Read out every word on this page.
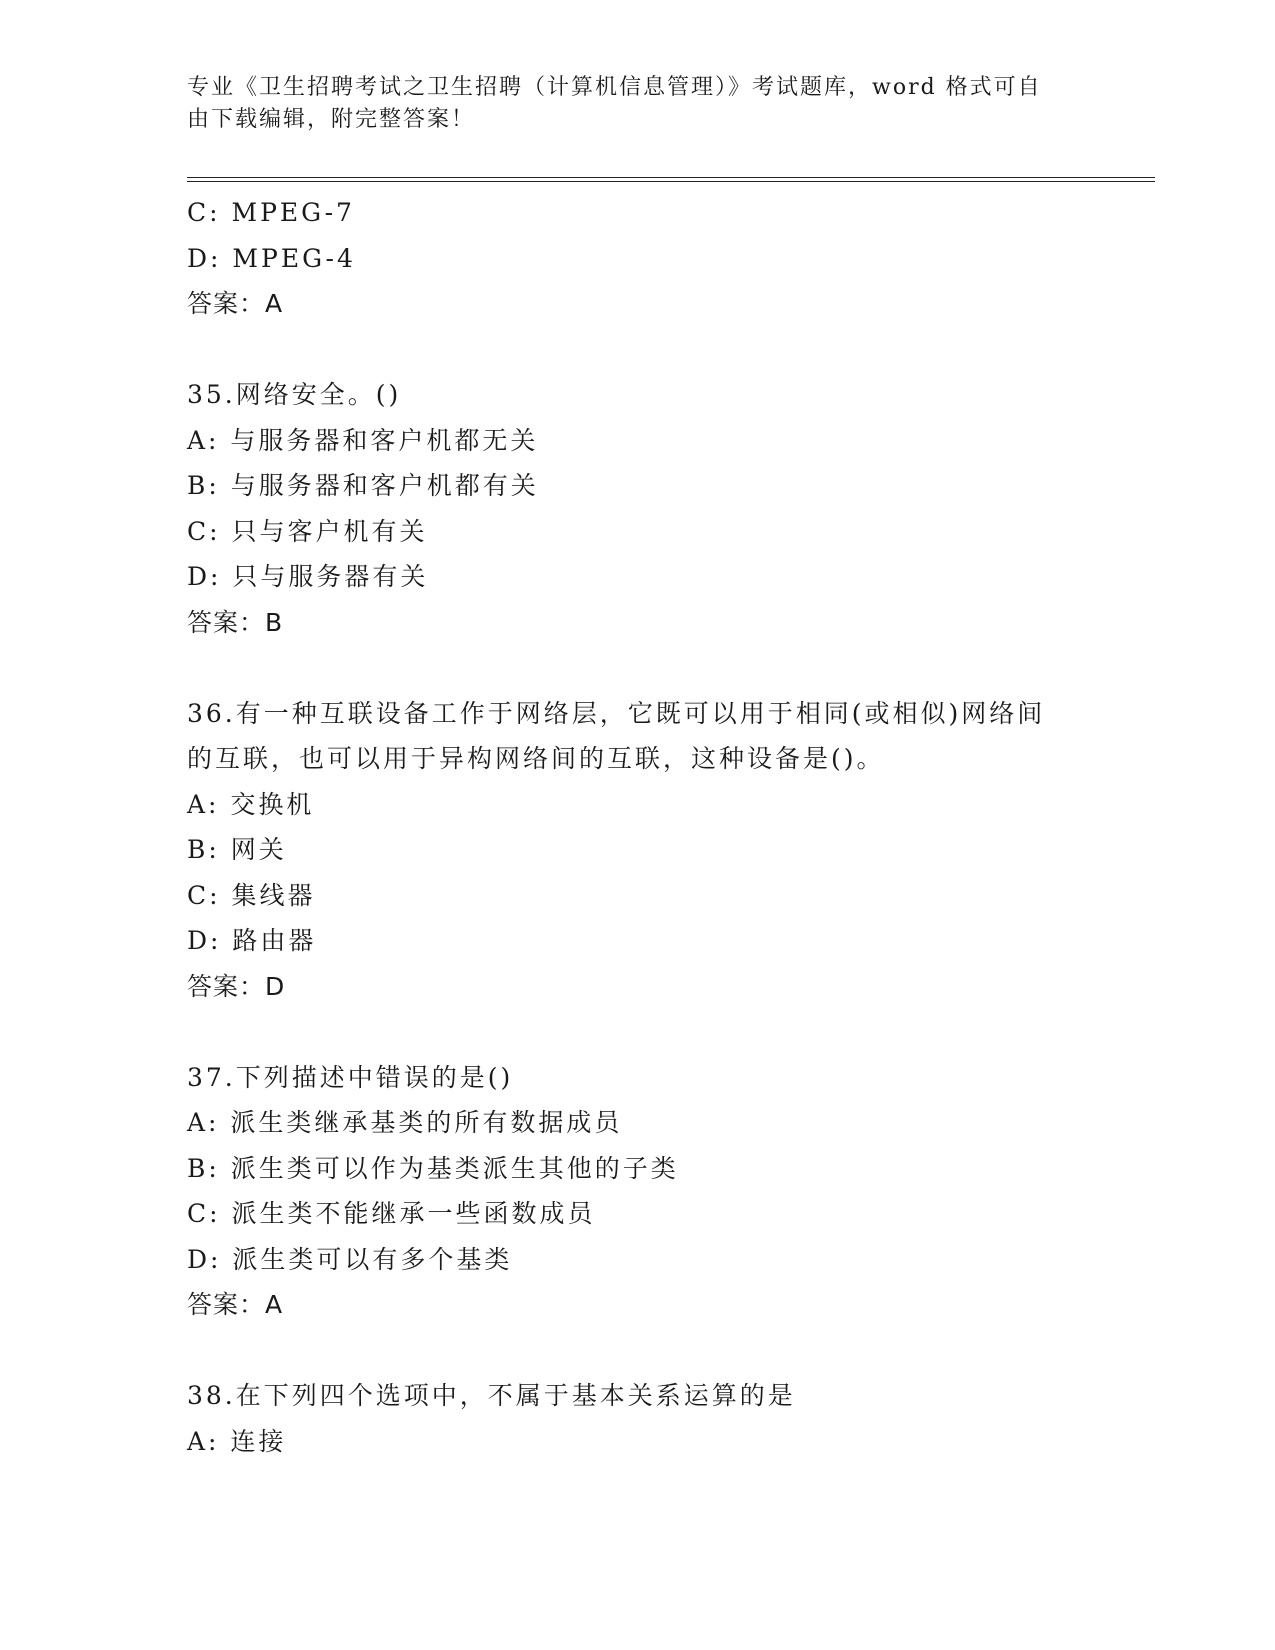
专业《卫生招聘考试之卫生招聘（计算机信息管理）》考试题库，word 格式可自
由下载编辑，附完整答案！
C: MPEG-7
D: MPEG-4
答案：A
35.网络安全。()
A: 与服务器和客户机都无关
B: 与服务器和客户机都有关
C: 只与客户机有关
D: 只与服务器有关
答案：B
36.有一种互联设备工作于网络层，它既可以用于相同(或相似)网络间
的互联，也可以用于异构网络间的互联，这种设备是()。
A: 交换机
B: 网关
C: 集线器
D: 路由器
答案：D
37.下列描述中错误的是()
A: 派生类继承基类的所有数据成员
B: 派生类可以作为基类派生其他的子类
C: 派生类不能继承一些函数成员
D: 派生类可以有多个基类
答案：A
38.在下列四个选项中，不属于基本关系运算的是
A: 连接
